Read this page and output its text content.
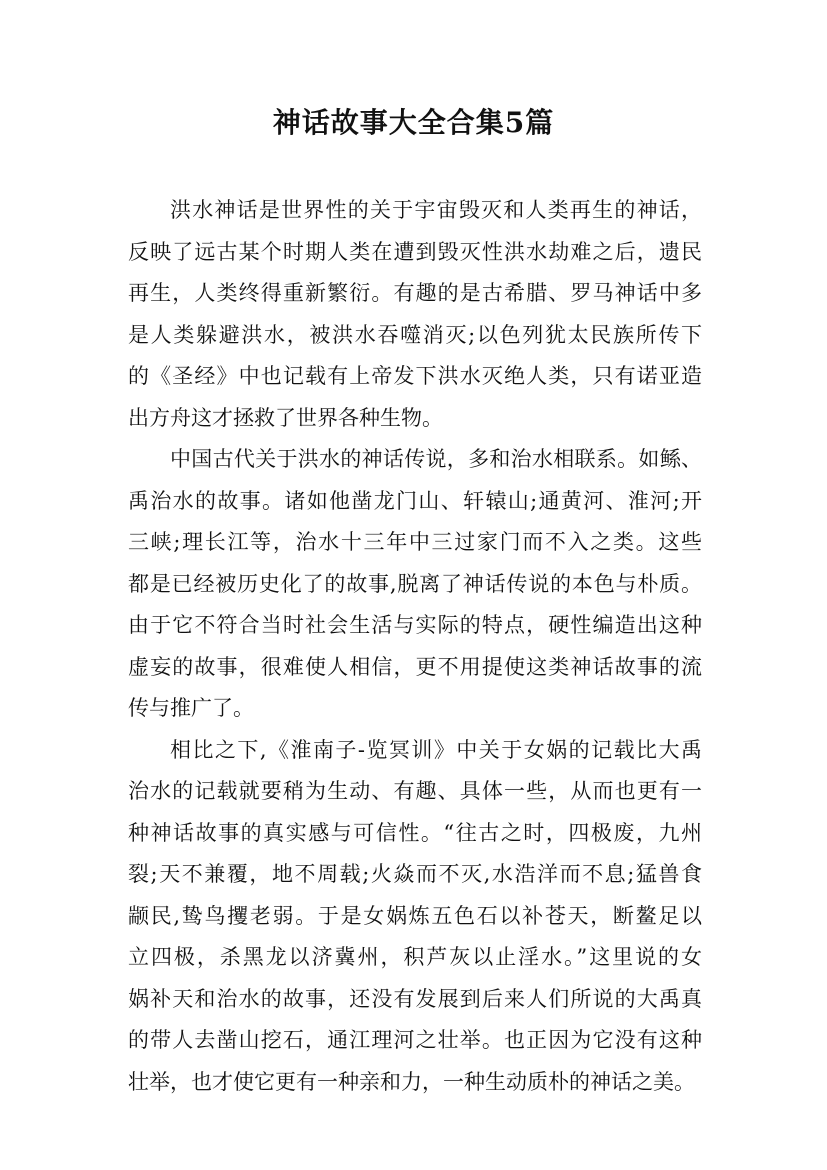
神话故事大全合集5篇

洪水神话是世界性的关于宇宙毁灭和人类再生的神话，
反映了远古某个时期人类在遭到毁灭性洪水劫难之后，遗民
再生，人类终得重新繁衍。有趣的是古希腊、罗马神话中多
是人类躲避洪水，被洪水吞噬消灭;以色列犹太民族所传下
的《圣经》中也记载有上帝发下洪水灭绝人类，只有诺亚造
出方舟这才拯救了世界各种生物。

中国古代关于洪水的神话传说，多和治水相联系。如鲧、
禹治水的故事。诸如他凿龙门山、轩辕山;通黄河、淮河;开
三峡;理长江等，治水十三年中三过家门而不入之类。这些
都是已经被历史化了的故事,脱离了神话传说的本色与朴质。
由于它不符合当时社会生活与实际的特点，硬性编造出这种
虚妄的故事，很难使人相信，更不用提使这类神话故事的流
传与推广了。

相比之下,《淮南子-览冥训》中关于女娲的记载比大禹
治水的记载就要稍为生动、有趣、具体一些，从而也更有一
种神话故事的真实感与可信性。“往古之时，四极废，九州
裂;天不兼覆，地不周载;火焱而不灭,水浩洋而不息;猛兽食
颛民,鸷鸟攫老弱。于是女娲炼五色石以补苍天，断鳌足以
立四极，杀黑龙以济冀州，积芦灰以止淫水。”这里说的女
娲补天和治水的故事，还没有发展到后来人们所说的大禹真
的带人去凿山挖石，通江理河之壮举。也正因为它没有这种
壮举，也才使它更有一种亲和力，一种生动质朴的神话之美。
